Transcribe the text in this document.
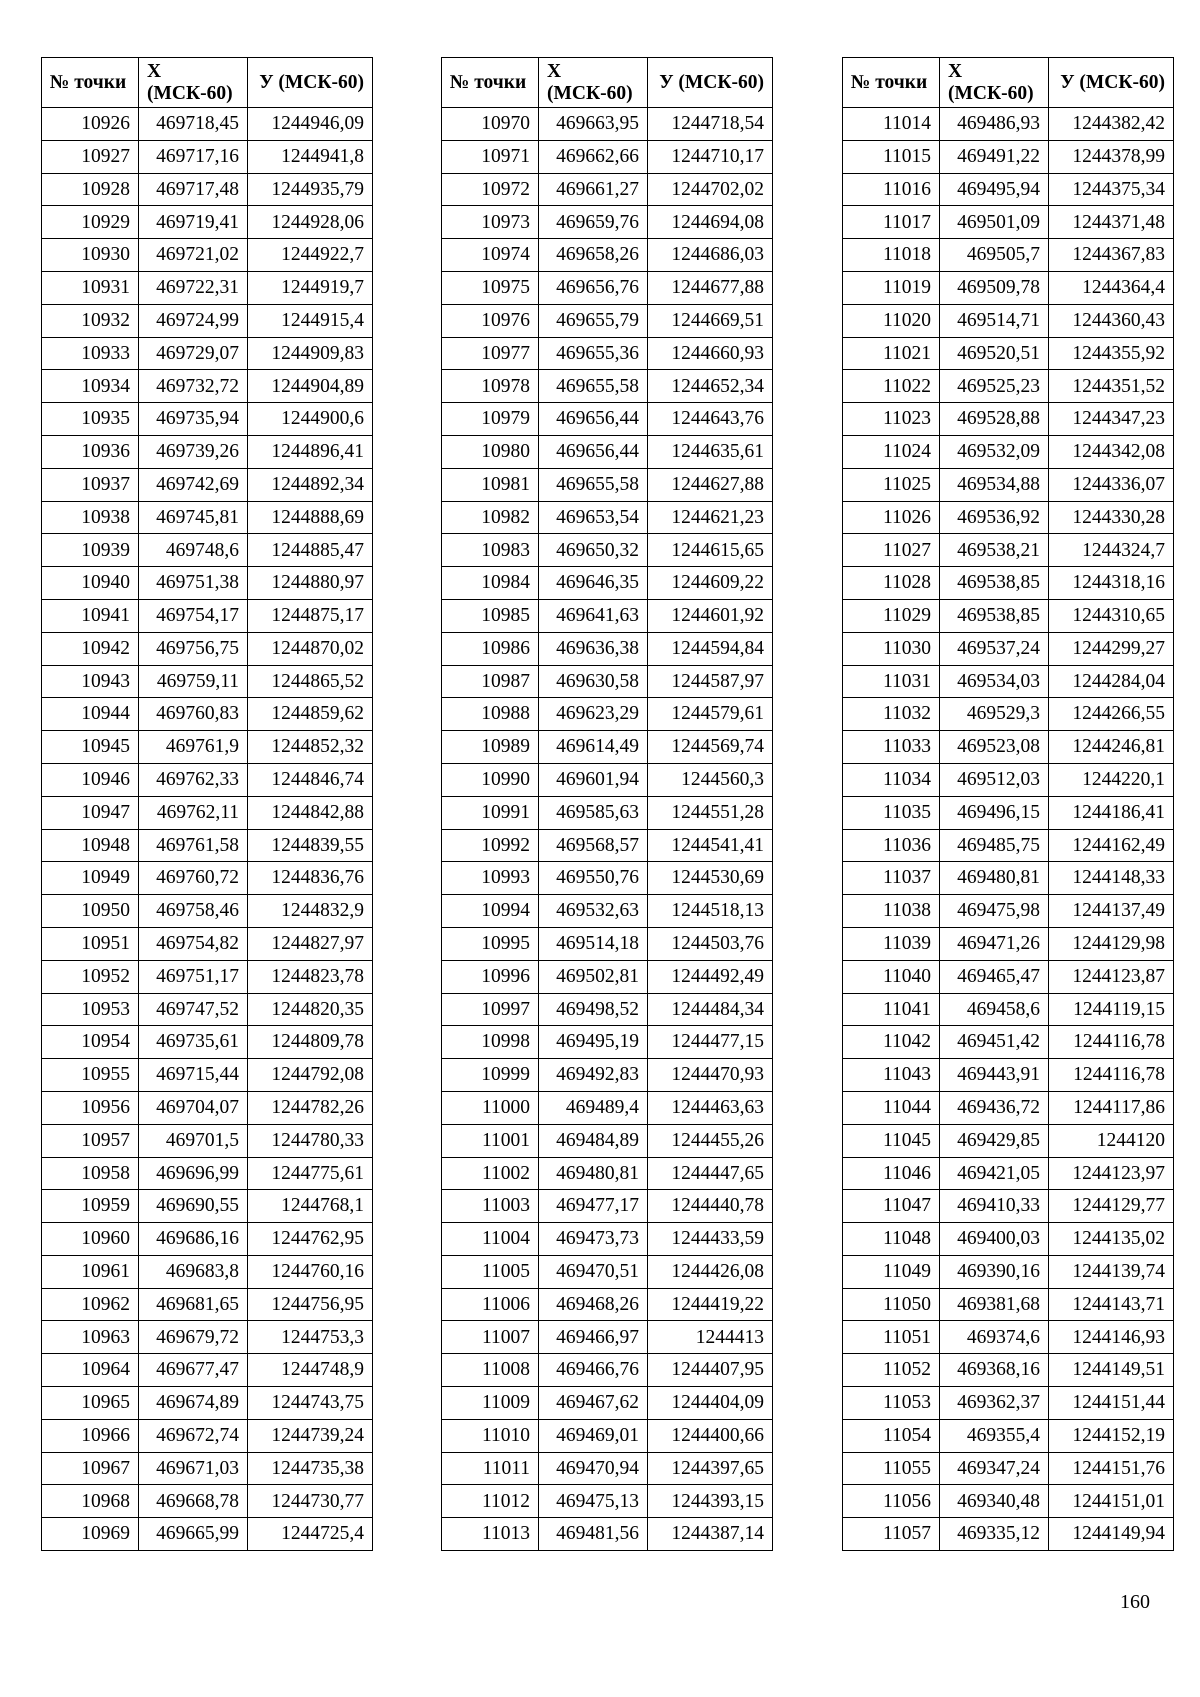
№ точки	X (МСК-60)	У (МСК-60)
10926	469718,45	1244946,09
10927	469717,16	1244941,8
10928	469717,48	1244935,79
10929	469719,41	1244928,06
10930	469721,02	1244922,7
10931	469722,31	1244919,7
10932	469724,99	1244915,4
10933	469729,07	1244909,83
10934	469732,72	1244904,89
10935	469735,94	1244900,6
10936	469739,26	1244896,41
10937	469742,69	1244892,34
10938	469745,81	1244888,69
10939	469748,6	1244885,47
10940	469751,38	1244880,97
10941	469754,17	1244875,17
10942	469756,75	1244870,02
10943	469759,11	1244865,52
10944	469760,83	1244859,62
10945	469761,9	1244852,32
10946	469762,33	1244846,74
10947	469762,11	1244842,88
10948	469761,58	1244839,55
10949	469760,72	1244836,76
10950	469758,46	1244832,9
10951	469754,82	1244827,97
10952	469751,17	1244823,78
10953	469747,52	1244820,35
10954	469735,61	1244809,78
10955	469715,44	1244792,08
10956	469704,07	1244782,26
10957	469701,5	1244780,33
10958	469696,99	1244775,61
10959	469690,55	1244768,1
10960	469686,16	1244762,95
10961	469683,8	1244760,16
10962	469681,65	1244756,95
10963	469679,72	1244753,3
10964	469677,47	1244748,9
10965	469674,89	1244743,75
10966	469672,74	1244739,24
10967	469671,03	1244735,38
10968	469668,78	1244730,77
10969	469665,99	1244725,4
№ точки	X (МСК-60)	У (МСК-60)
10970	469663,95	1244718,54
10971	469662,66	1244710,17
10972	469661,27	1244702,02
10973	469659,76	1244694,08
10974	469658,26	1244686,03
10975	469656,76	1244677,88
10976	469655,79	1244669,51
10977	469655,36	1244660,93
10978	469655,58	1244652,34
10979	469656,44	1244643,76
10980	469656,44	1244635,61
10981	469655,58	1244627,88
10982	469653,54	1244621,23
10983	469650,32	1244615,65
10984	469646,35	1244609,22
10985	469641,63	1244601,92
10986	469636,38	1244594,84
10987	469630,58	1244587,97
10988	469623,29	1244579,61
10989	469614,49	1244569,74
10990	469601,94	1244560,3
10991	469585,63	1244551,28
10992	469568,57	1244541,41
10993	469550,76	1244530,69
10994	469532,63	1244518,13
10995	469514,18	1244503,76
10996	469502,81	1244492,49
10997	469498,52	1244484,34
10998	469495,19	1244477,15
10999	469492,83	1244470,93
11000	469489,4	1244463,63
11001	469484,89	1244455,26
11002	469480,81	1244447,65
11003	469477,17	1244440,78
11004	469473,73	1244433,59
11005	469470,51	1244426,08
11006	469468,26	1244419,22
11007	469466,97	1244413
11008	469466,76	1244407,95
11009	469467,62	1244404,09
11010	469469,01	1244400,66
11011	469470,94	1244397,65
11012	469475,13	1244393,15
11013	469481,56	1244387,14
№ точки	X (МСК-60)	У (МСК-60)
11014	469486,93	1244382,42
11015	469491,22	1244378,99
11016	469495,94	1244375,34
11017	469501,09	1244371,48
11018	469505,7	1244367,83
11019	469509,78	1244364,4
11020	469514,71	1244360,43
11021	469520,51	1244355,92
11022	469525,23	1244351,52
11023	469528,88	1244347,23
11024	469532,09	1244342,08
11025	469534,88	1244336,07
11026	469536,92	1244330,28
11027	469538,21	1244324,7
11028	469538,85	1244318,16
11029	469538,85	1244310,65
11030	469537,24	1244299,27
11031	469534,03	1244284,04
11032	469529,3	1244266,55
11033	469523,08	1244246,81
11034	469512,03	1244220,1
11035	469496,15	1244186,41
11036	469485,75	1244162,49
11037	469480,81	1244148,33
11038	469475,98	1244137,49
11039	469471,26	1244129,98
11040	469465,47	1244123,87
11041	469458,6	1244119,15
11042	469451,42	1244116,78
11043	469443,91	1244116,78
11044	469436,72	1244117,86
11045	469429,85	1244120
11046	469421,05	1244123,97
11047	469410,33	1244129,77
11048	469400,03	1244135,02
11049	469390,16	1244139,74
11050	469381,68	1244143,71
11051	469374,6	1244146,93
11052	469368,16	1244149,51
11053	469362,37	1244151,44
11054	469355,4	1244152,19
11055	469347,24	1244151,76
11056	469340,48	1244151,01
11057	469335,12	1244149,94
160
